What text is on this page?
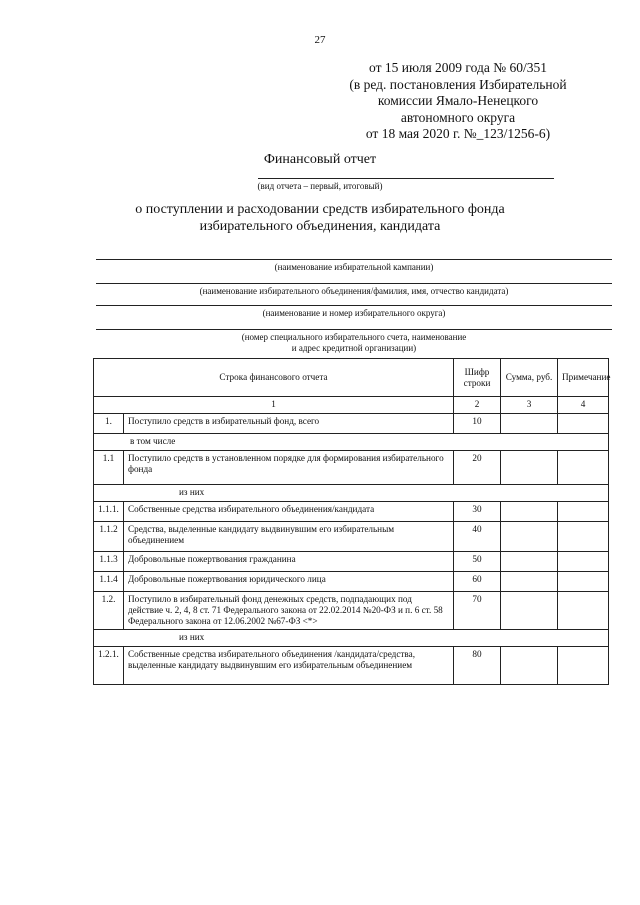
27
от 15 июля 2009 года № 60/351
(в ред. постановления Избирательной
комиссии Ямало-Ненецкого
автономного округа
от 18 мая 2020 г. №_123/1256-6)
Финансовый отчет
(вид отчета – первый, итоговый)
о поступлении и расходовании средств избирательного фонда
избирательного объединения, кандидата
(наименование избирательной кампании)
(наименование избирательного объединения/фамилия, имя, отчество кандидата)
(наименование и номер избирательного округа)
(номер специального избирательного счета, наименование
и адрес кредитной организации)
Строка финансового отчета		Шифр строки	Сумма, руб.	Примечание
1		2	3	4
1.	Поступило средств в избирательный фонд, всего	10		
в том числе				
1.1	Поступило средств в установленном порядке для формирования избирательного фонда	20		
из них				
1.1.1.	Собственные средства избирательного объединения/кандидата	30		
1.1.2	Средства, выделенные кандидату выдвинувшим его избирательным объединением	40		
1.1.3	Добровольные пожертвования гражданина	50		
1.1.4	Добровольные пожертвования юридического лица	60		
1.2.	Поступило в избирательный фонд денежных средств, подпадающих под действие ч. 2, 4, 8 ст. 71 Федерального закона от 22.02.2014 №20-ФЗ и п. 6 ст. 58 Федерального закона от 12.06.2002 №67-ФЗ <*>	70		
из них				
1.2.1.	Собственные средства избирательного объединения /кандидата/средства, выделенные кандидату выдвинувшим его избирательным объединением	80		
